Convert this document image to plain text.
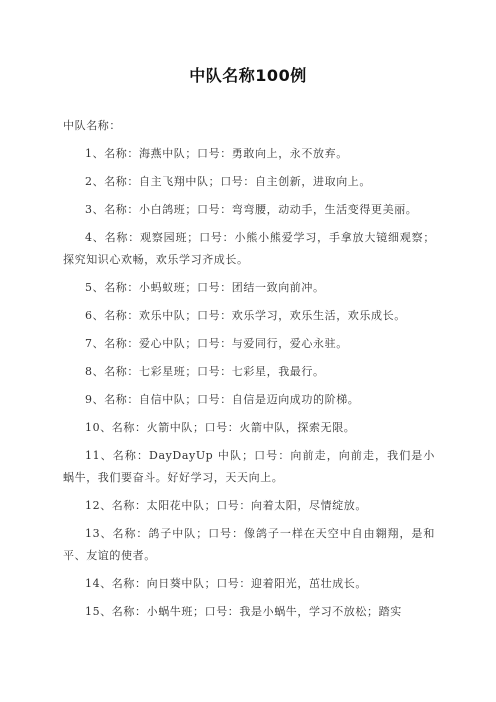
中队名称100例

中队名称：

1、名称：海燕中队；口号：勇敢向上，永不放弃。

2、名称：自主飞翔中队；口号：自主创新，进取向上。

3、名称：小白鸽班；口号：弯弯腰，动动手，生活变得更美丽。

4、名称：观察园班；口号：小熊小熊爱学习，手拿放大镜细观察；探究知识心欢畅，欢乐学习齐成长。

5、名称：小蚂蚁班；口号：团结一致向前冲。

6、名称：欢乐中队；口号：欢乐学习，欢乐生活，欢乐成长。

7、名称：爱心中队；口号：与爱同行，爱心永驻。

8、名称：七彩星班；口号：七彩星，我最行。

9、名称：自信中队；口号：自信是迈向成功的阶梯。

10、名称：火箭中队；口号：火箭中队，探索无限。

11、名称：DayDayUp 中队；口号：向前走，向前走，我们是小蜗牛，我们要奋斗。好好学习，天天向上。

12、名称：太阳花中队；口号：向着太阳，尽情绽放。

13、名称：鸽子中队；口号：像鸽子一样在天空中自由翱翔，是和平、友谊的使者。

14、名称：向日葵中队；口号：迎着阳光，茁壮成长。

15、名称：小蜗牛班；口号：我是小蜗牛，学习不放松；踏实
